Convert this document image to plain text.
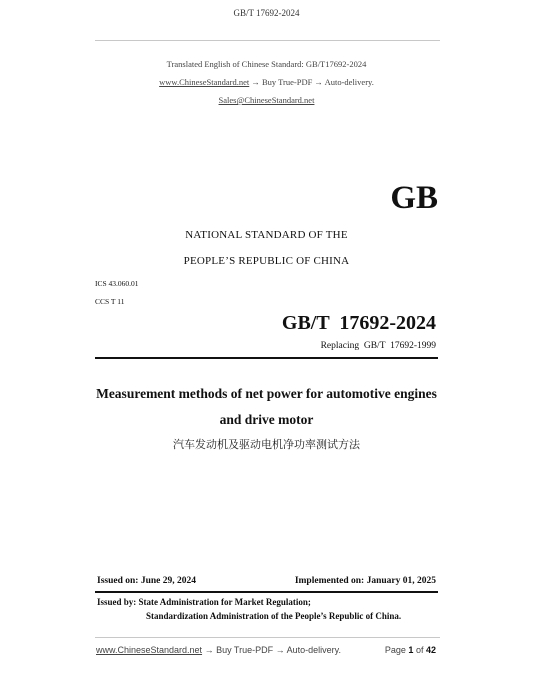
GB/T 17692-2024
Translated English of Chinese Standard: GB/T17692-2024
www.ChineseStandard.net → Buy True-PDF → Auto-delivery.
Sales@ChineseStandard.net
GB
NATIONAL STANDARD OF THE
PEOPLE’S REPUBLIC OF CHINA
ICS 43.060.01
CCS T 11
GB/T  17692-2024
Replacing  GB/T  17692-1999
Measurement methods of net power for automotive engines
and drive motor
汽车发动机及驱动电机净功率测试方法
Issued on: June 29, 2024	Implemented on: January 01, 2025
Issued by: State Administration for Market Regulation;
Standardization Administration of the People’s Republic of China.
www.ChineseStandard.net → Buy True-PDF → Auto-delivery.	Page 1 of 42
